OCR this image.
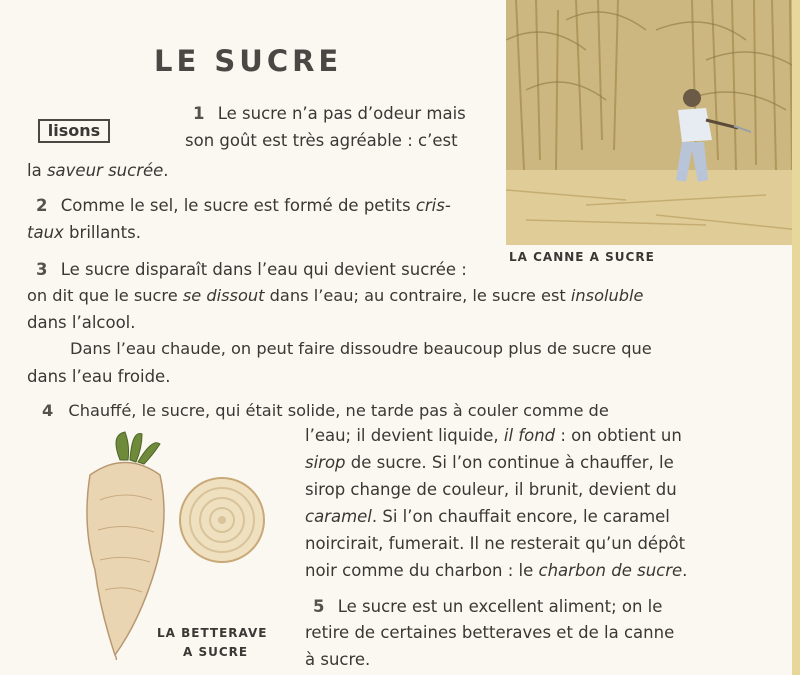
LE SUCRE
lisons
LA CANNE A SUCRE
1 Le sucre n’a pas d’odeur mais
son goût est très agréable : c’est
la saveur sucrée.
2 Comme le sel, le sucre est formé de petits cris-
taux brillants.
3 Le sucre disparaît dans l’eau qui devient sucrée :
on dit que le sucre se dissout dans l’eau; au contraire, le sucre est insoluble
dans l’alcool.
Dans l’eau chaude, on peut faire dissoudre beaucoup plus de sucre que
dans l’eau froide.
4 Chauffé, le sucre, qui était solide, ne tarde pas à couler comme de
l’eau; il devient liquide, il fond : on obtient un
sirop de sucre. Si l’on continue à chauffer, le
sirop change de couleur, il brunit, devient du
caramel. Si l’on chauffait encore, le caramel
noircirait, fumerait. Il ne resterait qu’un dépôt
noir comme du charbon : le charbon de sucre.
5 Le sucre est un excellent aliment; on le
retire de certaines betteraves et de la canne
à sucre.
LA BETTERAVE
A SUCRE
